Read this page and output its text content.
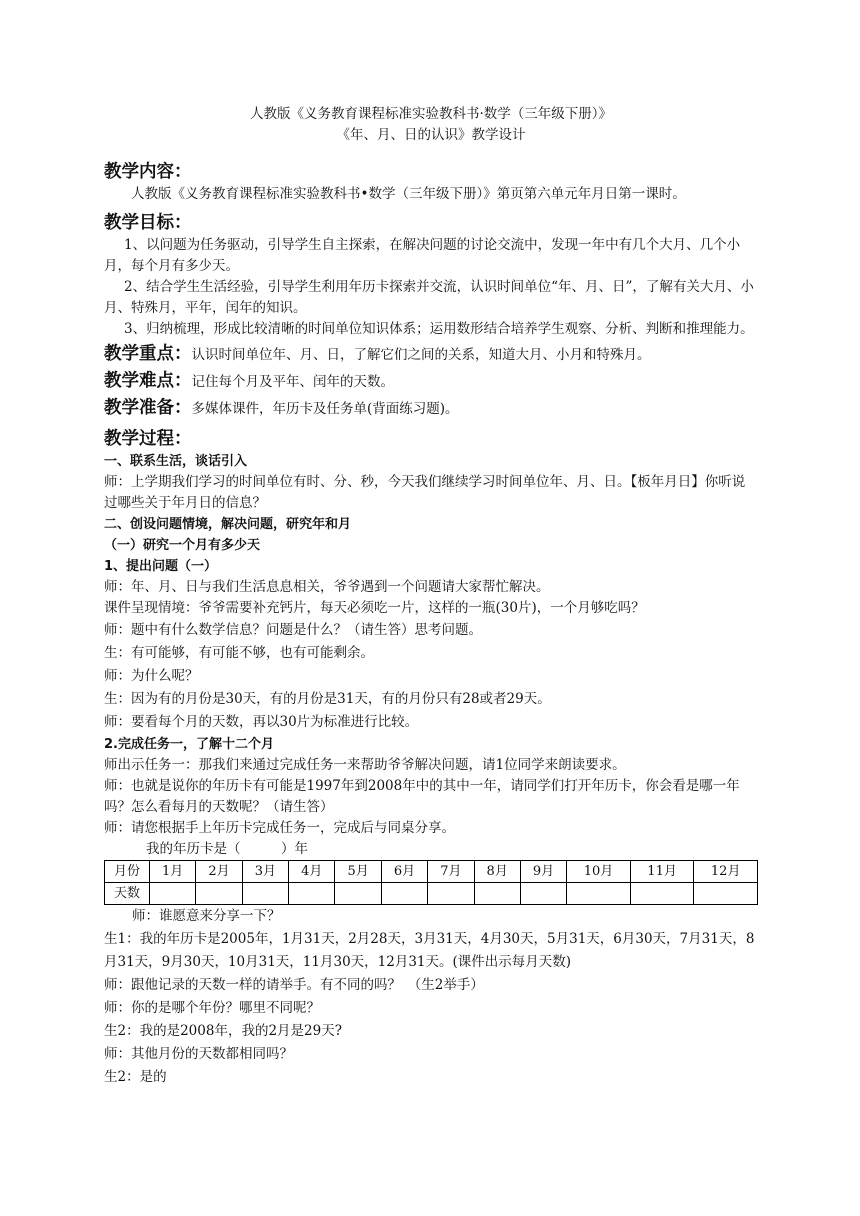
人教版《义务教育课程标准实验教科书·数学（三年级下册）》
《年、月、日的认识》教学设计
教学内容：

人教版《义务教育课程标准实验教科书•数学（三年级下册）》第页第六单元年月日第一课时。

教学目标：

1、以问题为任务驱动，引导学生自主探索，在解决问题的讨论交流中，发现一年中有几个大月、几个小月，每个月有多少天。

2、结合学生生活经验，引导学生利用年历卡探索并交流，认识时间单位“年、月、日”，了解有关大月、小月、特殊月，平年，闰年的知识。

3、归纳梳理，形成比较清晰的时间单位知识体系；运用数形结合培养学生观察、分析、判断和推理能力。

教学重点：认识时间单位年、月、日，了解它们之间的关系，知道大月、小月和特殊月。
教学难点：记住每个月及平年、闰年的天数。
教学准备：多媒体课件，年历卡及任务单(背面练习题)。
教学过程：
一、联系生活，谈话引入

师：上学期我们学习的时间单位有时、分、秒，今天我们继续学习时间单位年、月、日。【板年月日】你听说过哪些关于年月日的信息？

二、创设问题情境，解决问题，研究年和月
（一）研究一个月有多少天
1、提出问题（一）

师：年、月、日与我们生活息息相关，爷爷遇到一个问题请大家帮忙解决。

课件呈现情境：爷爷需要补充钙片，每天必须吃一片，这样的一瓶(30片)，一个月够吃吗？

师：题中有什么数学信息？问题是什么？（请生答）思考问题。

生：有可能够，有可能不够，也有可能剩余。

师：为什么呢？

生：因为有的月份是30天，有的月份是31天，有的月份只有28或者29天。

师：要看每个月的天数，再以30片为标准进行比较。

2.完成任务一，了解十二个月

师出示任务一：那我们来通过完成任务一来帮助爷爷解决问题，请1位同学来朗读要求。

师：也就是说你的年历卡有可能是1997年到2008年中的其中一年，请同学们打开年历卡，你会看是哪一年吗？怎么看每月的天数呢？（请生答）

师：请您根据手上年历卡完成任务一，完成后与同桌分享。

我的年历卡是（　　　）年

月份	1月	2月	3月	4月	5月	6月	7月	8月	9月	10月	11月	12月
天数												

师：谁愿意来分享一下？

生1：我的年历卡是2005年，1月31天，2月28天，3月31天，4月30天，5月31天，6月30天，7月31天，8月31天，9月30天，10月31天，11月30天，12月31天。(课件出示每月天数)

师：跟他记录的天数一样的请举手。有不同的吗？　（生2举手）

师：你的是哪个年份？哪里不同呢？

生2：我的是2008年，我的2月是29天?

师：其他月份的天数都相同吗？

生2：是的
